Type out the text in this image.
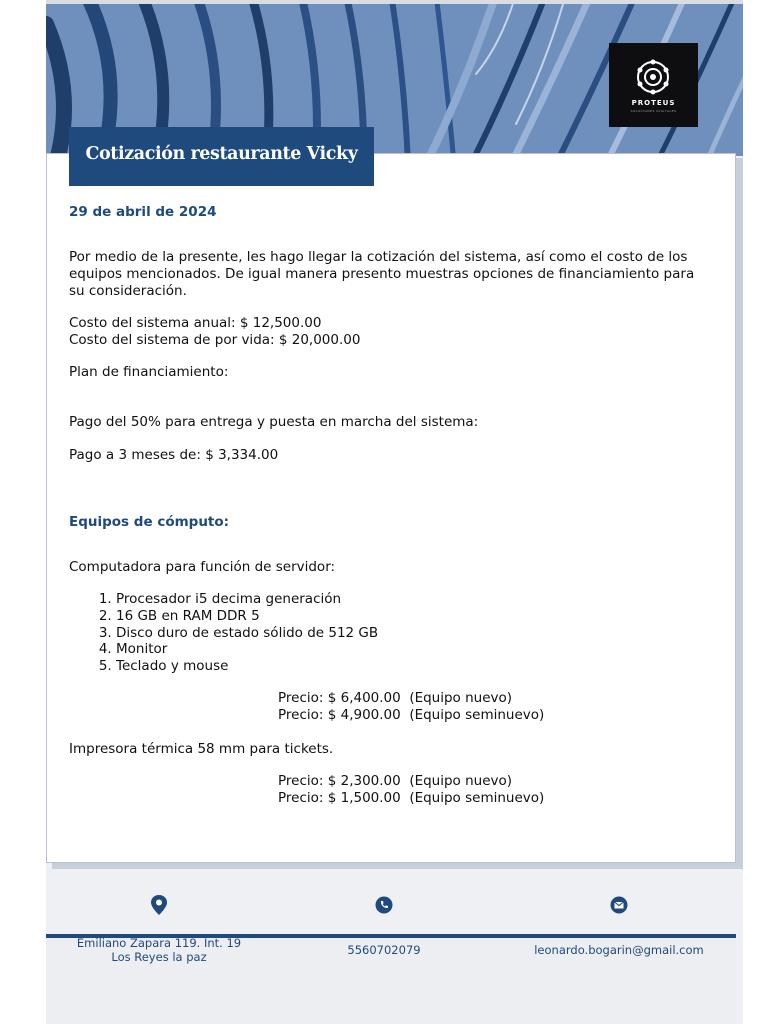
PROTEUS
SOLUCIONES DIGITALES
Cotización restaurante Vicky
29 de abril de 2024
Por medio de la presente, les hago llegar la cotización del sistema, así como el costo de los equipos mencionados. De igual manera presento muestras opciones de financiamiento para su consideración.
Costo del sistema anual: $ 12,500.00
Costo del sistema de por vida: $ 20,000.00
Plan de financiamiento:
Pago del 50% para entrega y puesta en marcha del sistema:
Pago a 3 meses de: $ 3,334.00
Equipos de cómputo:
Computadora para función de servidor:
1. Procesador i5 decima generación
2. 16 GB en RAM DDR 5
3. Disco duro de estado sólido de 512 GB
4. Monitor
5. Teclado y mouse
Precio: $ 6,400.00  (Equipo nuevo)
Precio: $ 4,900.00  (Equipo seminuevo)
Impresora térmica 58 mm para tickets.
Precio: $ 2,300.00  (Equipo nuevo)
Precio: $ 1,500.00  (Equipo seminuevo)
Emiliano Zapara 119. Int. 19
Los Reyes la paz	5560702079	leonardo.bogarin@gmail.com
